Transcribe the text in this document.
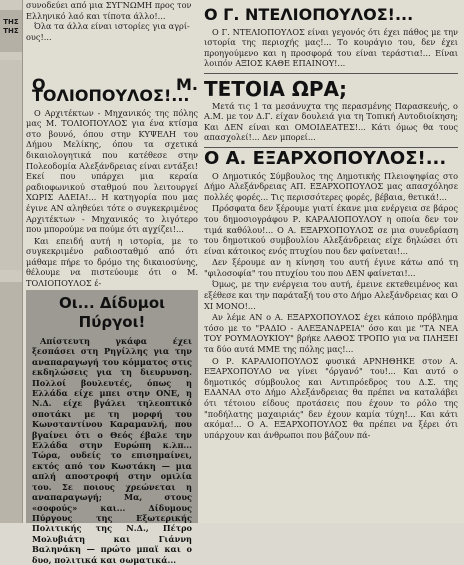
ΤΗΣ
ΤΗΣ
συνοδεύει από μια ΣΥΓΝΩΜΗ προς τον
Ελληνικό λαό και τίποτα άλλο!...
Όλα τα άλλα είναι ιστορίες για αγρί-
ους!...
Ο Μ. ΤΟΛΙΟΠΟΥΛΟΣ!...

Ο Αρχιτέκτων - Μηχανικός της πόλης μας Μ. ΤΟΛΙΟΠΟΥΛΟΣ για ένα κτίσμα στο βουνό, όπου στην ΚΥΨΕΛΗ του Δήμου Μελίκης, όπου τα σχετικά δικαιολογητικά που κατέθεσε στην Πολεοδομία Αλεξάνδρειας είναι εντάξει! Εκεί που υπάρχει μια κεραία ραδιοφωνικού σταθμού που λειτουργεί ΧΩΡΙΣ ΑΔΕΙΑ!... Η κατηγορία που μας έγινε ΑΝ αληθεύει τότε ο συγκεκριμένος Αρχιτέκτων - Μηχανικός το λιγότερο που μπορούμε να πούμε ότι αγχίζει!...

Και επειδή αυτή η ιστορία, με το συγκεκριμένο ραδιοσταθμό από ότι μάθαμε πήρε το δρόμο της δικαιοσύνης, θέλουμε να πιστεύουμε ότι ο Μ. ΤΟΛΙΟΠΟΥΛΟΣ έ-

Οι... Δίδυμοι
Πύργοι!

Απίστευτη γκάφα έχει ξεσπάσει στη Ρηγίλλης για την αναπαραγωγή του κόμματος στις εκδηλώσεις για τη διευρυνση. Πολλοί βουλευτές, όπως η Ελλάδα είχε μπει στην ΟΝΕ, η Ν.Δ. είχε βγάλει τηλεοπτικό σποτάκι με τη μορφή του Κωνσταντίνου Καραμανλή, που βγαίνει ότι ο Θεός έβαλε την Ελλάδα στην Ευρώπη κ.λπ... Τώρα, ουδείς το επισημαίνει, εκτός από τον Κωστάκη — μια απλή αποστροφή στην ομιλία του. Σε ποιους χρεώνεται η αναπαραγωγή; Μα, στους «σοφούς» και... Δίδυμους Πύργους της Εξωτερικής Πολιτικής της Ν.Δ., Πέτρο Μολυβιάτη και Γιάννη Βαληνάκη — πρώτο μπαϊ και ο δυο, πολιτικά και σωματικά...

Ο Γ. ΝΤΕΛΙΟΠΟΥΛΟΣ!...

Ο Γ. ΝΤΕΛΙΟΠΟΥΛΟΣ είναι γεγονός ότι έχει πάθος με την ιστορία της περιοχής μας!... Το κουράγιο του, δεν έχει προηγούμενο και η προσφορά του είναι τεράστια!... Είναι λοιπόν ΑΞΙΟΣ ΚΑΘΕ ΕΠΑΙΝΟΥ!...

ΤΕΤΟΙΑ ΩΡΑ;

Μετά τις 1 τα μεσάνυχτα της περασμένης Παρασκευής, ο Α.Μ. με τον Δ.Γ. είχαν δουλειά για τη Τοπική Αυτοδιοίκηση; Και ΔΕΝ είναι και ΟΜΟΙΔΕΑΤΕΣ!... Κάτι όμως θα τους απασχολεί!... Δεν μπορεί...

Ο Α. ΕΞΑΡΧΟΠΟΥΛΟΣ!...

Ο Δημοτικός Σύμβουλος της Δημοτικής Πλειοψηφίας στο Δήμο Αλεξάνδρειας ΑΠ. ΕΞΑΡΧΟΠΟΥΛΟΣ μας απασχόλησε πολλές φορές... Τις περισσότερες φορές, βέβαια, θετικά!...

Πρόσφατα δεν ξέρουμε γιατί έκανε μια ενέργεια σε βάρος του δημοσιογράφου Ρ. ΚΑΡΑΛΙΟΠΟΥΛΟΥ η οποία δεν τον τιμά καθόλου!... Ο Α. ΕΞΑΡΧΟΠΟΥΛΟΣ σε μια συνεδρίαση του δημοτικού συμβουλίου Αλεξάνδρειας είχε δηλώσει ότι είναι κάτοικος ενός πτυχίου που δεν φαίνεται!...

Δεν ξέρουμε αν η κίνηση του αυτή έγινε κάτω από τη "φιλοσοφία" του πτυχίου του που ΔΕΝ φαίνεται!...

Όμως, με την ενέργεια του αυτή, έμεινε εκτεθειμένος και εξέθεσε και την παράταξή του στο Δήμο Αλεξάνδρειας και Ο ΧΙ ΜΟΝΟ!...

Αν λέμε ΑΝ ο Α. ΕΞΑΡΧΟΠΟΥΛΟΣ έχει κάποιο πρόβλημα τόσο με το "ΡΑΔΙΟ - ΑΛΕΞΑΝΔΡΕΙΑ" όσο και με "ΤΑ ΝΕΑ ΤΟΥ ΡΟΥΜΛΟΥΚΙΟΥ" βρήκε ΛΑΘΟΣ ΤΡΟΠΟ για να ΠΛΗΞΕΙ τα δύο αυτά ΜΜΕ της πόλης μας!...

Ο Ρ. ΚΑΡΑΛΙΟΠΟΥΛΟΣ φυσικά ΑΡΝΗΘΗΚΕ στον Α. ΕΞΑΡΧΟΠΟΥΛΟ να γίνει "όργανό" του!... Και αυτό ο δημοτικός σύμβουλος και Αντιπρόεδρος του Δ.Σ. της ΕΔΑΝΑΛ στο Δήμο Αλεξάνδρειας θα πρέπει να καταλάβει ότι τέτοιου είδους προτάσεις που έχουν το ρόλο της "ποδήλατης μαχαιριάς" δεν έχουν καμία τύχη!... Και κάτι ακόμα!... Ο Α. ΕΞΑΡΧΟΠΟΥΛΟΣ θα πρέπει να ξέρει ότι υπάρχουν και άνθρωποι που βάζουν πά-
